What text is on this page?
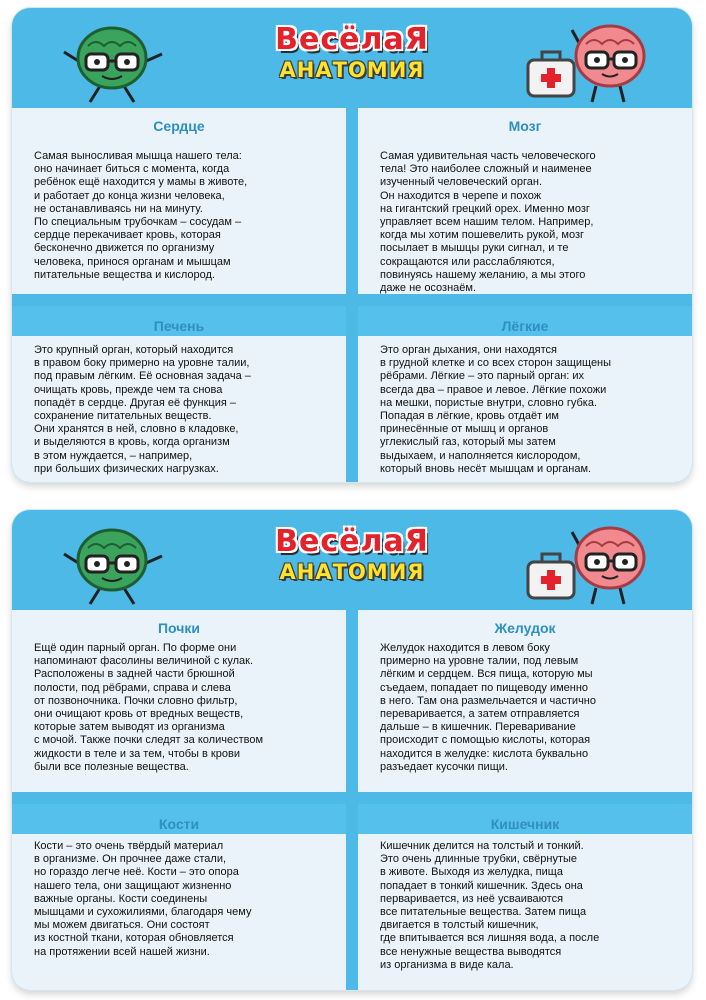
ВесёлаЯ
АНАТОМИЯ
Сердце
Самая выносливая мышца нашего тела:
оно начинает биться с момента, когда
ребёнок ещё находится у мамы в животе,
и работает до конца жизни человека,
не останавливаясь ни на минуту.
По специальным трубочкам – сосудам –
сердце перекачивает кровь, которая
бесконечно движется по организму
человека, принося органам и мышцам
питательные вещества и кислород.
Мозг
Самая удивительная часть человеческого
тела! Это наиболее сложный и наименее
изученный человеческий орган.
Он находится в черепе и похож
на гигантский грецкий орех. Именно мозг
управляет всем нашим телом. Например,
когда мы хотим пошевелить рукой, мозг
посылает в мышцы руки сигнал, и те
сокращаются или расслабляются,
повинуясь нашему желанию, а мы этого
даже не осознаём.
Печень
Это крупный орган, который находится
в правом боку примерно на уровне талии,
под правым лёгким. Её основная задача –
очищать кровь, прежде чем та снова
попадёт в сердце. Другая её функция –
сохранение питательных веществ.
Они хранятся в ней, словно в кладовке,
и выделяются в кровь, когда организм
в этом нуждается, – например,
при больших физических нагрузках.
Лёгкие
Это орган дыхания, они находятся
в грудной клетке и со всех сторон защищены
рёбрами. Лёгкие – это парный орган: их
всегда два – правое и левое. Лёгкие похожи
на мешки, пористые внутри, словно губка.
Попадая в лёгкие, кровь отдаёт им
принесённые от мышц и органов
углекислый газ, который мы затем
выдыхаем, и наполняется кислородом,
который вновь несёт мышцам и органам.
ВесёлаЯ
АНАТОМИЯ
Почки
Ещё один парный орган. По форме они
напоминают фасолины величиной с кулак.
Расположены в задней части брюшной
полости, под рёбрами, справа и слева
от позвоночника. Почки словно фильтр,
они очищают кровь от вредных веществ,
которые затем выводят из организма
с мочой. Также почки следят за количеством
жидкости в теле и за тем, чтобы в крови
были все полезные вещества.
Желудок
Желудок находится в левом боку
примерно на уровне талии, под левым
лёгким и сердцем. Вся пища, которую мы
съедаем, попадает по пищеводу именно
в него. Там она размельчается и частично
переваривается, а затем отправляется
дальше – в кишечник. Переваривание
происходит с помощью кислоты, которая
находится в желудке: кислота буквально
разъедает кусочки пищи.
Кости
Кости – это очень твёрдый материал
в организме. Он прочнее даже стали,
но гораздо легче неё. Кости – это опора
нашего тела, они защищают жизненно
важные органы. Кости соединены
мышцами и сухожилиями, благодаря чему
мы можем двигаться. Они состоят
из костной ткани, которая обновляется
на протяжении всей нашей жизни.
Кишечник
Кишечник делится на толстый и тонкий.
Это очень длинные трубки, свёрнутые
в животе. Выходя из желудка, пища
попадает в тонкий кишечник. Здесь она
перваривается, из неё усваиваются
все питательные вещества. Затем пища
двигается в толстый кишечник,
где впитывается вся лишняя вода, а после
все ненужные вещества выводятся
из организма в виде кала.
